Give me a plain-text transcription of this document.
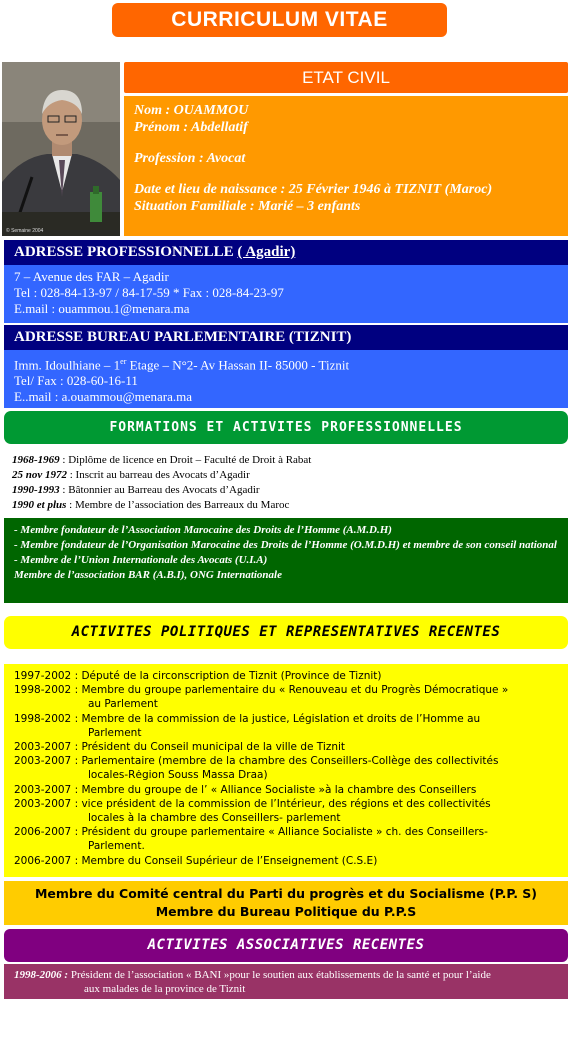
CURRICULUM VITAE
© Semaine 2004
ETAT CIVIL
Nom : OUAMMOU
Prénom : Abdellatif
Profession : Avocat
Date et lieu de naissance : 25 Février 1946 à TIZNIT (Maroc)
Situation Familiale : Marié – 3 enfants
ADRESSE PROFESSIONNELLE ( Agadir)
7 – Avenue des FAR – Agadir
Tel : 028-84-13-97 / 84-17-59 * Fax : 028-84-23-97
E.mail : ouammou.1@menara.ma
ADRESSE BUREAU PARLEMENTAIRE (TIZNIT)
Imm. Idoulhiane – 1er Etage – N°2- Av Hassan II- 85000 - Tiznit
Tel/ Fax : 028-60-16-11
E..mail : a.ouammou@menara.ma
FORMATIONS ET ACTIVITES PROFESSIONNELLES
1968-1969 : Diplôme de licence en Droit – Faculté de Droit à Rabat
25 nov 1972 : Inscrit au barreau des Avocats d’Agadir
1990-1993 : Bâtonnier au Barreau des Avocats d’Agadir
1990 et plus : Membre de l’association des Barreaux du Maroc
- Membre fondateur de l’Association Marocaine des Droits de l’Homme (A.M.D.H)
- Membre fondateur de l’Organisation Marocaine des Droits de l’Homme (O.M.D.H) et membre de son conseil national
- Membre de l’Union Internationale des Avocats (U.I.A)
Membre de l’association BAR (A.B.I), ONG Internationale
ACTIVITES POLITIQUES ET REPRESENTATIVES RECENTES
1997-2002 : Député de la circonscription de Tiznit (Province de Tiznit)
1998-2002 : Membre du groupe parlementaire du « Renouveau et du Progrès Démocratique »
au Parlement
1998-2002 : Membre de la commission de la justice, Législation et droits de l’Homme au
Parlement
2003-2007 : Président du Conseil municipal de la ville de Tiznit
2003-2007 : Parlementaire (membre de la chambre des Conseillers-Collège des collectivités
locales-Rėgion Souss Massa Draa)
2003-2007 : Membre du groupe de l’ « Alliance Socialiste »à la chambre des Conseillers
2003-2007 : vice président de la commission de l’Intérieur, des régions et des collectivités
locales à la chambre des Conseillers- parlement
2006-2007 : Président du groupe parlementaire « Alliance Socialiste » ch. des Conseillers-
Parlement.
2006-2007 : Membre du Conseil Supérieur de l’Enseignement (C.S.E)
Membre du Comité central du Parti du progrès et du Socialisme (P.P. S)
Membre du Bureau Politique du P.P.S
ACTIVITES ASSOCIATIVES RECENTES
1998-2006 : Président de l’association « BANI »pour le soutien aux établissements de la santé et pour l’aide
aux malades de la province de Tiznit
